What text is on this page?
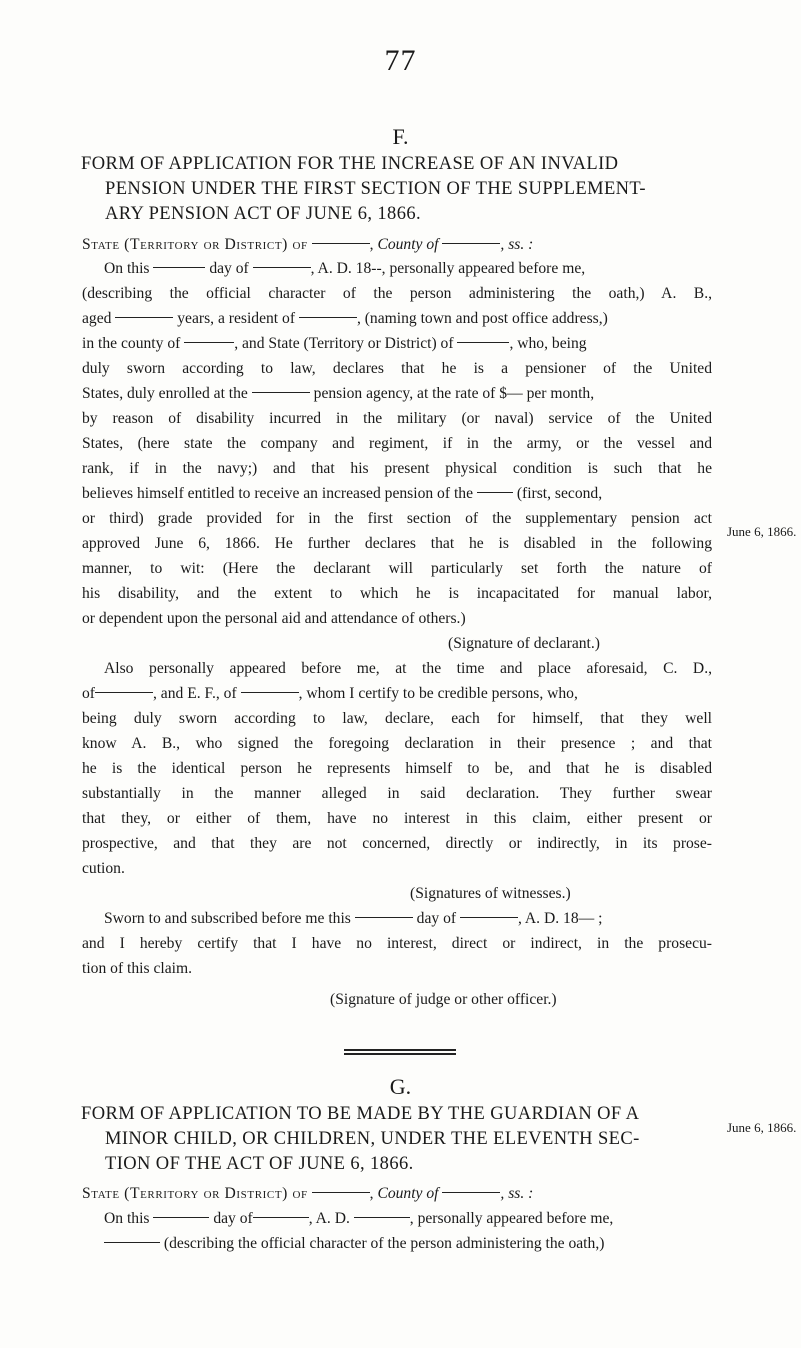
77
F.
FORM OF APPLICATION FOR THE INCREASE OF AN INVALID
PENSION UNDER THE FIRST SECTION OF THE SUPPLEMENT-
ARY PENSION ACT OF JUNE 6, 1866.
State (Territory or District) of	, County of	, ss. :
On this	day of	, A. D. 18--, personally appeared before me,
(describing the official character of the person administering the oath,) A. B.,
aged	years, a resident of	, (naming town and post office address,)
in the county of	, and State (Territory or District) of	, who, being
duly sworn according to law, declares that he is a pensioner of the United
States, duly enrolled at the	pension agency, at the rate of $— per month,
by reason of disability incurred in the military (or naval) service of the United
States, (here state the company and regiment, if in the army, or the vessel and
rank, if in the navy;) and that his present physical condition is such that he
believes himself entitled to receive an increased pension of the	(first, second,
or third) grade provided for in the first section of the supplementary pension act
approved June 6, 1866. He further declares that he is disabled in the following
manner, to wit: (Here the declarant will particularly set forth the nature of
his disability, and the extent to which he is incapacitated for manual labor,
or dependent upon the personal aid and attendance of others.)
June 6, 1866.
(Signature of declarant.)
Also personally appeared before me, at the time and place aforesaid, C. D.,
of	, and E. F., of	, whom I certify to be credible persons, who,
being duly sworn according to law, declare, each for himself, that they well
know A. B., who signed the foregoing declaration in their presence ; and that
he is the identical person he represents himself to be, and that he is disabled
substantially in the manner alleged in said declaration. They further swear
that they, or either of them, have no interest in this claim, either present or
prospective, and that they are not concerned, directly or indirectly, in its prose-
cution.
(Signatures of witnesses.)
Sworn to and subscribed before me this	day of	, A. D. 18— ;
and I hereby certify that I have no interest, direct or indirect, in the prosecu-
tion of this claim.
(Signature of judge or other officer.)
G.
FORM OF APPLICATION TO BE MADE BY THE GUARDIAN OF A
MINOR CHILD, OR CHILDREN, UNDER THE ELEVENTH SEC-
TION OF THE ACT OF JUNE 6, 1866.
June 6, 1866.
State (Territory or District) of	, County of	, ss. :
On this	day of	, A. D.	, personally appeared before me,
(describing the official character of the person administering the oath,)
